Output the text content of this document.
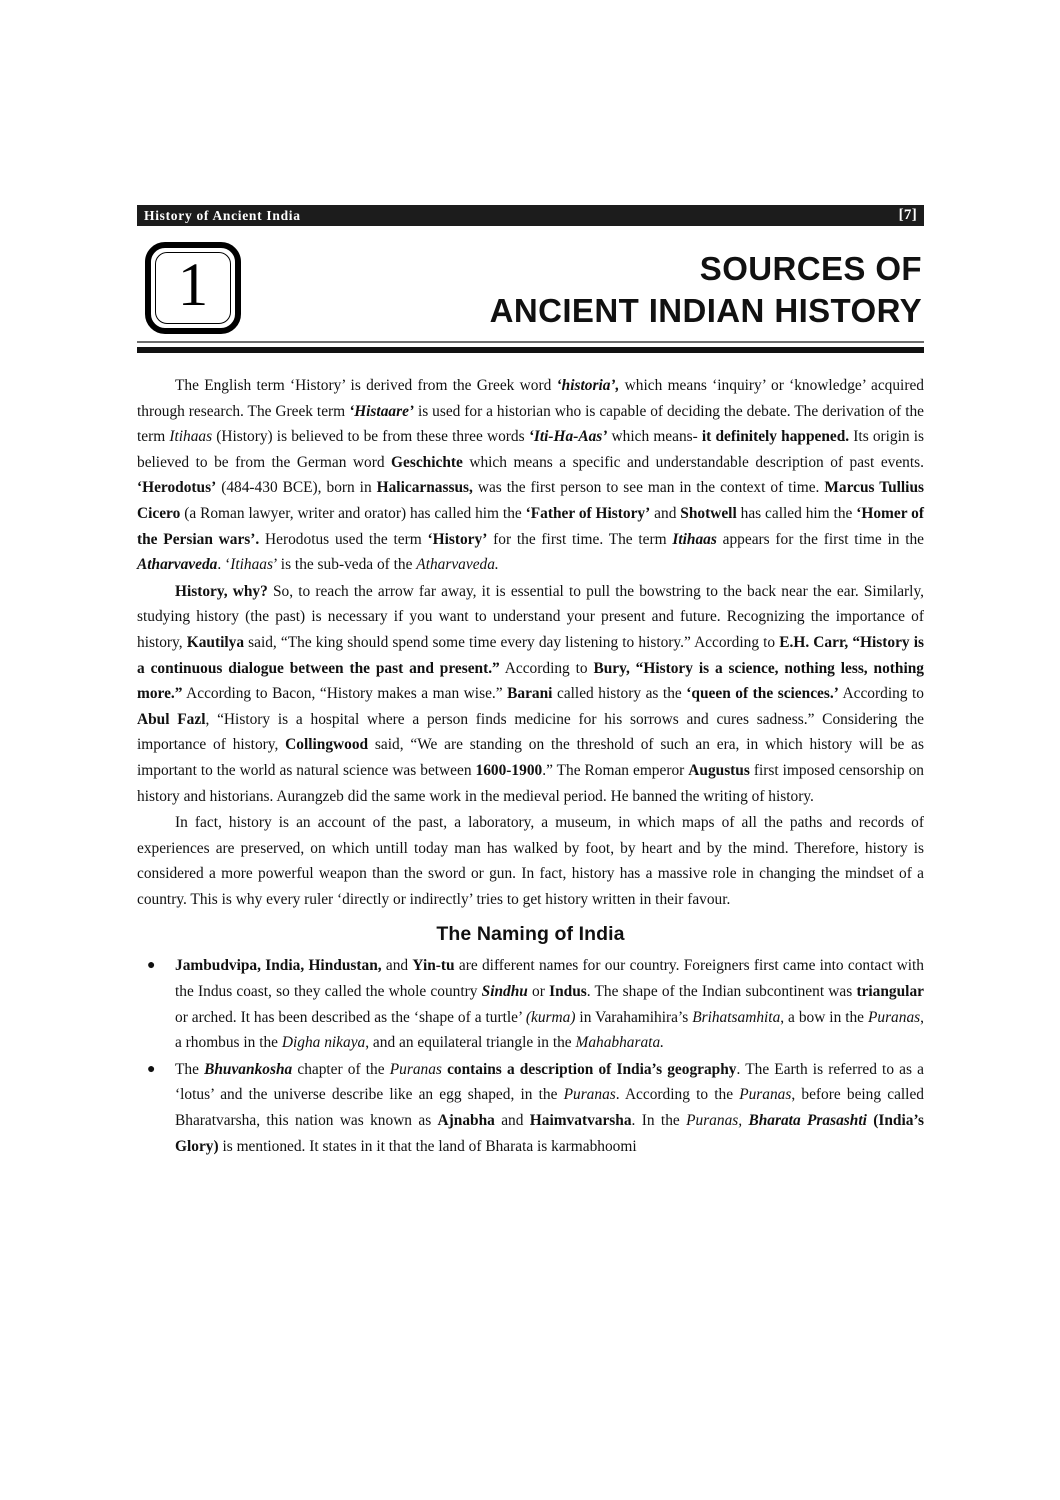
History of Ancient India	[7]
1	SOURCES OF
ANCIENT INDIAN HISTORY

The English term ‘History’ is derived from the Greek word ‘historia’, which means ‘inquiry’ or ‘knowledge’ acquired through research. The Greek term ‘Histaare’ is used for a historian who is capable of deciding the debate. The derivation of the term Itihaas (History) is believed to be from these three words ‘Iti-Ha-Aas’ which means- it definitely happened. Its origin is believed to be from the German word Geschichte which means a specific and understandable description of past events. ‘Herodotus’ (484-430 BCE), born in Halicarnassus, was the first person to see man in the context of time. Marcus Tullius Cicero (a Roman lawyer, writer and orator) has called him the ‘Father of History’ and Shotwell has called him the ‘Homer of the Persian wars’. Herodotus used the term ‘History’ for the first time. The term Itihaas appears for the first time in the Atharvaveda. ‘Itihaas’ is the sub-veda of the Atharvaveda.

History, why? So, to reach the arrow far away, it is essential to pull the bowstring to the back near the ear. Similarly, studying history (the past) is necessary if you want to understand your present and future. Recognizing the importance of history, Kautilya said, “The king should spend some time every day listening to history.” According to E.H. Carr, “History is a continuous dialogue between the past and present.” According to Bury, “History is a science, nothing less, nothing more.” According to Bacon, “History makes a man wise.” Barani called history as the ‘queen of the sciences.’ According to Abul Fazl, “History is a hospital where a person finds medicine for his sorrows and cures sadness.” Considering the importance of history, Collingwood said, “We are standing on the threshold of such an era, in which history will be as important to the world as natural science was between 1600-1900.” The Roman emperor Augustus first imposed censorship on history and historians. Aurangzeb did the same work in the medieval period. He banned the writing of history.

In fact, history is an account of the past, a laboratory, a museum, in which maps of all the paths and records of experiences are preserved, on which untill today man has walked by foot, by heart and by the mind. Therefore, history is considered a more powerful weapon than the sword or gun. In fact, history has a massive role in changing the mindset of a country. This is why every ruler ‘directly or indirectly’ tries to get history written in their favour.

The Naming of India
● Jambudvipa, India, Hindustan, and Yin-tu are different names for our country. Foreigners first came into contact with the Indus coast, so they called the whole country Sindhu or Indus. The shape of the Indian subcontinent was triangular or arched. It has been described as the ‘shape of a turtle’ (kurma) in Varahamihira’s Brihatsamhita, a bow in the Puranas, a rhombus in the Digha nikaya, and an equilateral triangle in the Mahabharata.
● The Bhuvankosha chapter of the Puranas contains a description of India’s geography. The Earth is referred to as a ‘lotus’ and the universe describe like an egg shaped, in the Puranas. According to the Puranas, before being called Bharatvarsha, this nation was known as Ajnabha and Haimvatvarsha. In the Puranas, Bharata Prasashti (India’s Glory) is mentioned. It states in it that the land of Bharata is karmabhoomi
